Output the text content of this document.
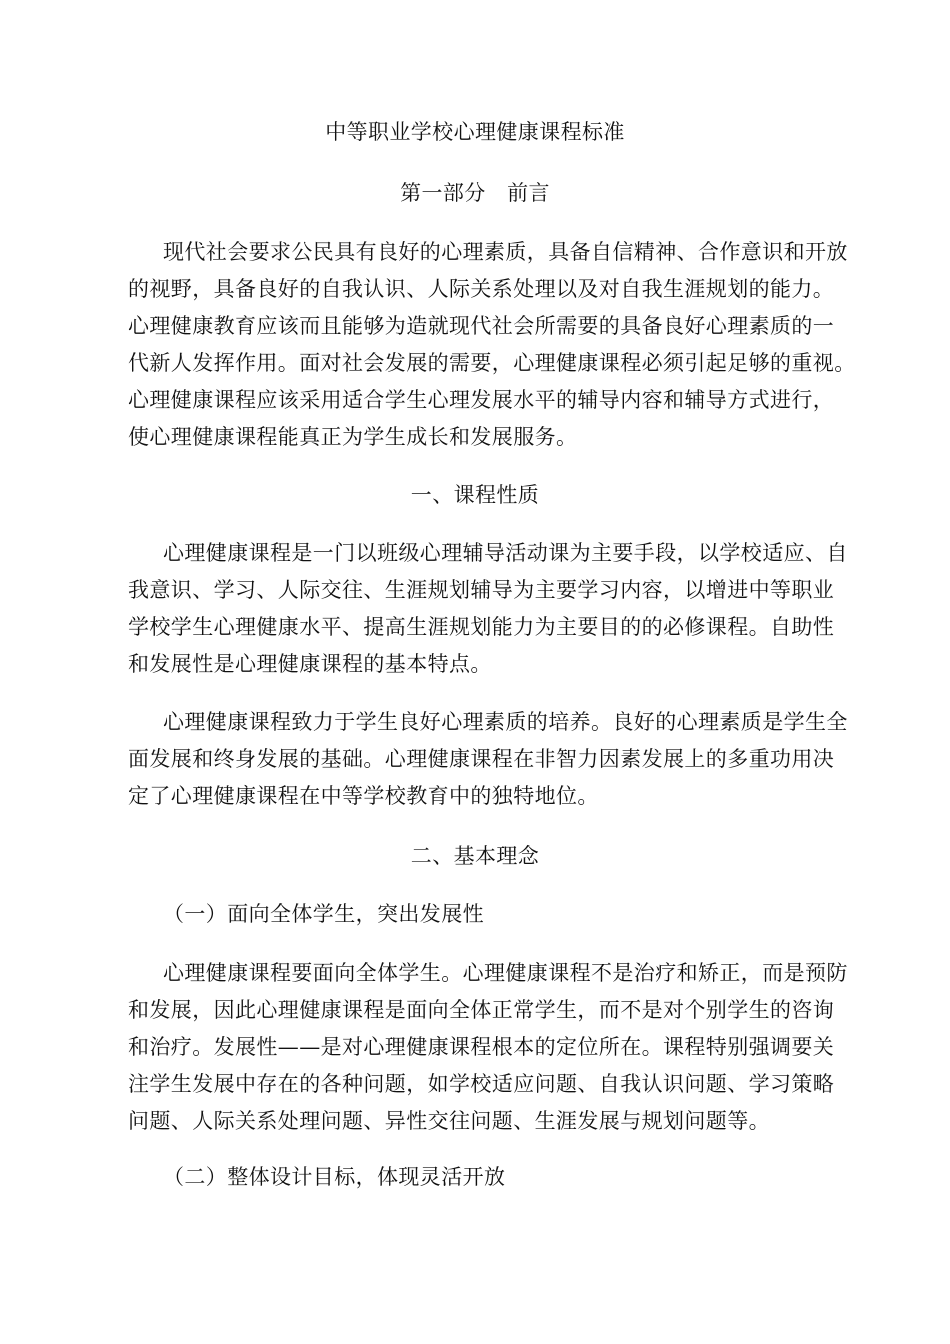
中等职业学校心理健康课程标准
第一部分　前言
现代社会要求公民具有良好的心理素质，具备自信精神、合作意识和开放
的视野，具备良好的自我认识、人际关系处理以及对自我生涯规划的能力。
心理健康教育应该而且能够为造就现代社会所需要的具备良好心理素质的一
代新人发挥作用。面对社会发展的需要，心理健康课程必须引起足够的重视。
心理健康课程应该采用适合学生心理发展水平的辅导内容和辅导方式进行，
使心理健康课程能真正为学生成长和发展服务。
一、课程性质
心理健康课程是一门以班级心理辅导活动课为主要手段，以学校适应、自
我意识、学习、人际交往、生涯规划辅导为主要学习内容，以增进中等职业
学校学生心理健康水平、提高生涯规划能力为主要目的的必修课程。自助性
和发展性是心理健康课程的基本特点。
心理健康课程致力于学生良好心理素质的培养。良好的心理素质是学生全
面发展和终身发展的基础。心理健康课程在非智力因素发展上的多重功用决
定了心理健康课程在中等学校教育中的独特地位。
二、基本理念
（一）面向全体学生，突出发展性
心理健康课程要面向全体学生。心理健康课程不是治疗和矫正，而是预防
和发展，因此心理健康课程是面向全体正常学生，而不是对个别学生的咨询
和治疗。发展性——是对心理健康课程根本的定位所在。课程特别强调要关
注学生发展中存在的各种问题，如学校适应问题、自我认识问题、学习策略
问题、人际关系处理问题、异性交往问题、生涯发展与规划问题等。
（二）整体设计目标，体现灵活开放
